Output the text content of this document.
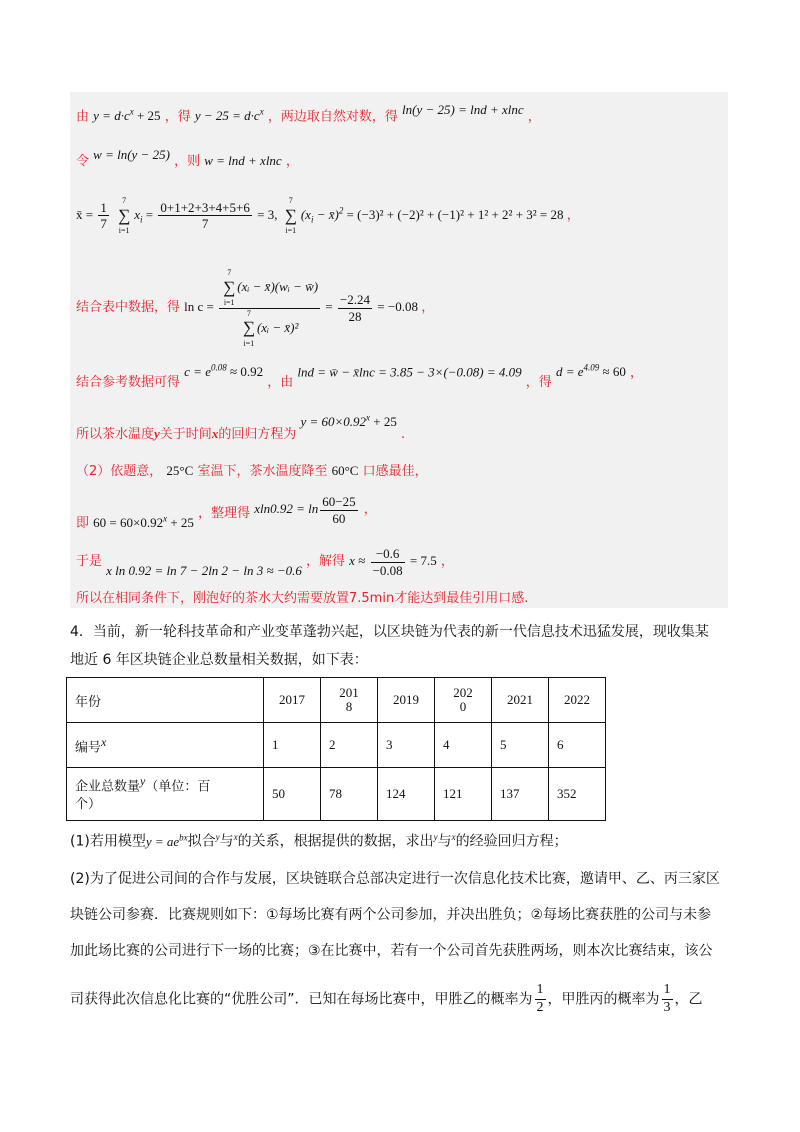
由 $y = d\cdot c^x + 25$ ，得 $y - 25 = d\cdot c^x$ ，两边取自然对数，得 ln(y − 25) = lnd + xlnc ，
令 w = ln(y − 25) ，则 w = lnd + xlnc ，
x̄ = $\frac{1}{7}$
	7
∑
i=1
$x_i = \frac{0+1+2+3+4+5+6}{7} = 3$,
7
∑
i=1
($x_i$ − x̄)$^2$ = (−3)² + (−2)² + (−1)² + 1² + 2² + 3² = 28 ，
结合表中数据，得 ln c = 7
∑
i=1
(xᵢ − x̄)(wᵢ − w̄)
7
∑
i=1
(xᵢ − x̄)² = $\frac{-2.24}{28} = -0.08$ ，
结合参考数据可得 $c = e^{0.08} \approx 0.92$ ，由 lnd = w̄ − x̄lnc = 3.85 − 3×(−0.08) = 4.09 ，得 $d = e^{4.09} \approx 60$ ，
所以茶水温度y关于时间x的回归方程为 $y = 60\times 0.92^x + 25$ .
（2）依题意， 25°C 室温下，茶水温度降至 60°C 口感最佳，
即 $60 = 60\times 0.92^x + 25$ ，整理得 $xln0.92 = \ln \frac{60-25}{60}$ ，
于是 x ln 0.92 = ln 7 − 2ln 2 − ln 3 ≈ −0.6 ，解得 $x \approx \frac{-0.6}{-0.08} = 7.5$ ，
所以在相同条件下，刚泡好的茶水大约需要放置7.5min才能达到最佳引用口感.
4．当前，新一轮科技革命和产业变革蓬勃兴起，以区块链为代表的新一代信息技术迅猛发展，现收集某
地近 6 年区块链企业总数量相关数据，如下表：
年份	2017	201
8	2019	202
0	2021	2022
编号$^x$	1	2	3	4	5	6
企业总数量$^y$（单位：百
个）	50	78	124	121	137	352
(1)若用模型$y = ae^{bx}$拟合$^y$与$^x$的关系，根据提供的数据，求出$^y$与$^x$的经验回归方程；
(2)为了促进公司间的合作与发展，区块链联合总部决定进行一次信息化技术比赛，邀请甲、乙、丙三家区
块链公司参赛．比赛规则如下：①每场比赛有两个公司参加，并决出胜负；②每场比赛获胜的公司与未参
加此场比赛的公司进行下一场的比赛；③在比赛中，若有一个公司首先获胜两场，则本次比赛结束，该公
司获得此次信息化比赛的“优胜公司”．已知在每场比赛中，甲胜乙的概率为 $\frac{1}{2}$ ，甲胜丙的概率为 $\frac{1}{3}$ ，乙
